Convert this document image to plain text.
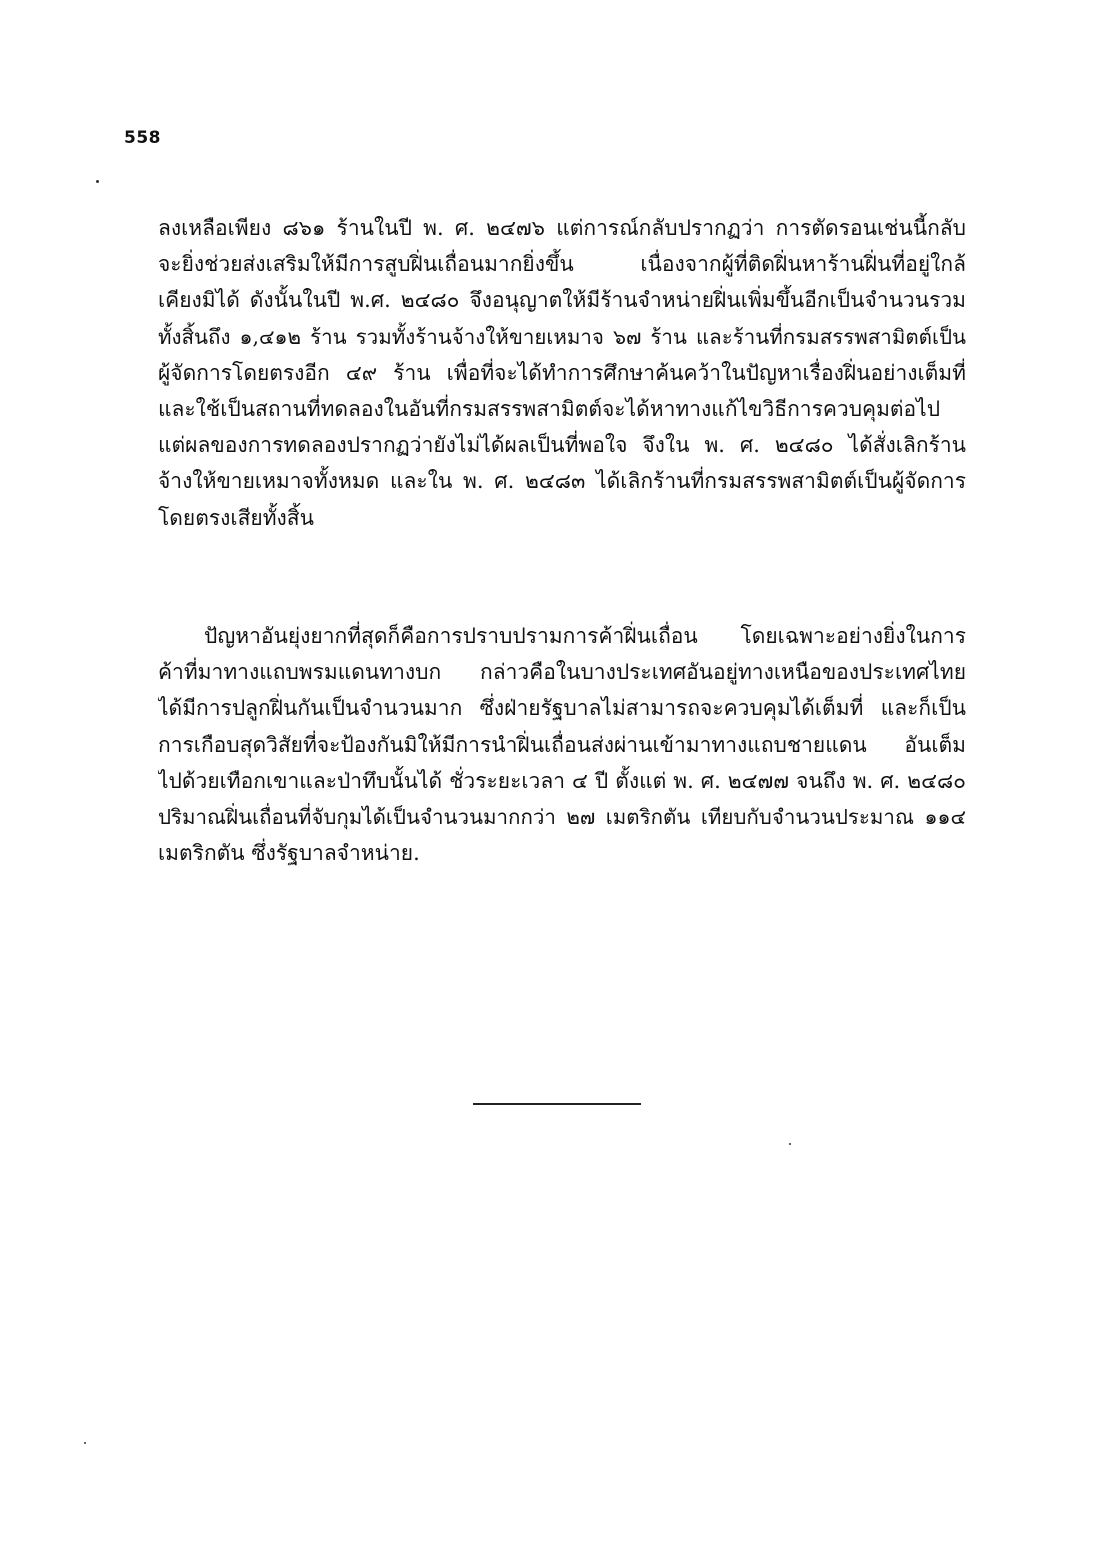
558
ลงเหลือเพียง ๘๖๑ ร้านในปี พ. ศ. ๒๔๗๖ แต่การณ์กลับปรากฏว่า การตัดรอนเช่นนี้กลับ
จะยิ่งช่วยส่งเสริมให้มีการสูบฝิ่นเถื่อนมากยิ่งขึ้น เนื่องจากผู้ที่ติดฝิ่นหาร้านฝิ่นที่อยู่ใกล้
เคียงมิได้ ดังนั้นในปี พ.ศ. ๒๔๘๐ จึงอนุญาตให้มีร้านจำหน่ายฝิ่นเพิ่มขึ้นอีกเป็นจำนวนรวม
ทั้งสิ้นถึง ๑,๔๑๒ ร้าน รวมทั้งร้านจ้างให้ขายเหมาจ ๖๗ ร้าน และร้านที่กรมสรรพสามิตต์เป็น
ผู้จัดการโดยตรงอีก ๔๙ ร้าน เพื่อที่จะได้ทำการศึกษาค้นคว้าในปัญหาเรื่องฝิ่นอย่างเต็มที่
และใช้เป็นสถานที่ทดลองในอันที่กรมสรรพสามิตต์จะได้หาทางแก้ไขวิธีการควบคุมต่อไป
แต่ผลของการทดลองปรากฏว่ายังไม่ได้ผลเป็นที่พอใจ จึงใน พ. ศ. ๒๔๘๐ ได้สั่งเลิกร้าน
จ้างให้ขายเหมาจทั้งหมด และใน พ. ศ. ๒๔๘๓ ได้เลิกร้านที่กรมสรรพสามิตต์เป็นผู้จัดการ
โดยตรงเสียทั้งสิ้น
ปัญหาอันยุ่งยากที่สุดก็คือการปราบปรามการค้าฝิ่นเถื่อน โดยเฉพาะอย่างยิ่งในการ
ค้าที่มาทางแถบพรมแดนทางบก กล่าวคือในบางประเทศอันอยู่ทางเหนือของประเทศไทย
ได้มีการปลูกฝิ่นกันเป็นจำนวนมาก ซึ่งฝ่ายรัฐบาลไม่สามารถจะควบคุมได้เต็มที่ และก็เป็น
การเกือบสุดวิสัยที่จะป้องกันมิให้มีการนำฝิ่นเถื่อนส่งผ่านเข้ามาทางแถบชายแดน อันเต็ม
ไปด้วยเทือกเขาและป่าทึบนั้นได้ ชั่วระยะเวลา ๔ ปี ตั้งแต่ พ. ศ. ๒๔๗๗ จนถึง พ. ศ. ๒๔๘๐
ปริมาณฝิ่นเถื่อนที่จับกุมได้เป็นจำนวนมากกว่า ๒๗ เมตริกตัน เทียบกับจำนวนประมาณ ๑๑๔
เมตริกตัน ซึ่งรัฐบาลจำหน่าย.
